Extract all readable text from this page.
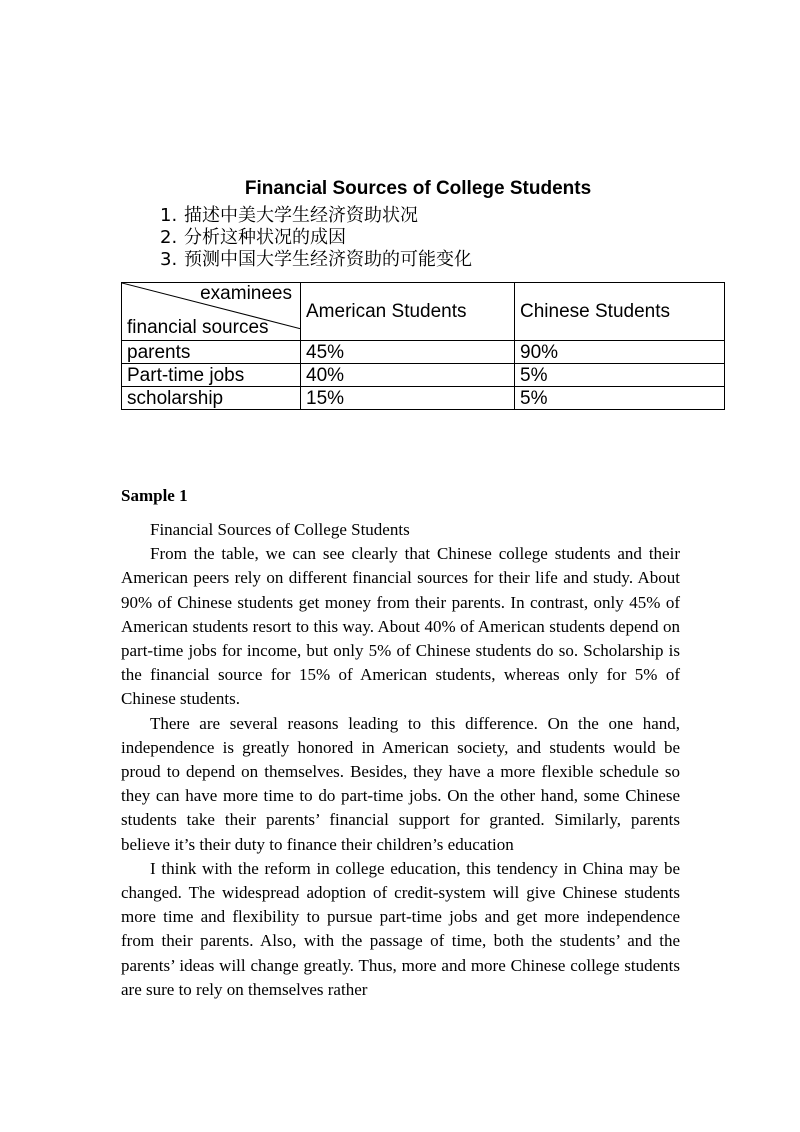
Financial Sources of College Students
1. 描述中美大学生经济资助状况
2. 分析这种状况的成因
3. 预测中国大学生经济资助的可能变化
examinees
financial sources	American Students	Chinese Students
parents	45%	90%
Part-time jobs	40%	5%
scholarship	15%	5%
Sample 1

Financial Sources of College Students

From the table, we can see clearly that Chinese college students and their American peers rely on different financial sources for their life and study. About 90% of Chinese students get money from their parents. In contrast, only 45% of American students resort to this way. About 40% of American students depend on part-time jobs for income, but only 5% of Chinese students do so. Scholarship is the financial source for 15% of American students, whereas only for 5% of Chinese students.

There are several reasons leading to this difference. On the one hand, independence is greatly honored in American society, and students would be proud to depend on themselves. Besides, they have a more flexible schedule so they can have more time to do part-time jobs. On the other hand, some Chinese students take their parents’ financial support for granted. Similarly, parents believe it’s their duty to finance their children’s education

I think with the reform in college education, this tendency in China may be changed. The widespread adoption of credit-system will give Chinese students more time and flexibility to pursue part-time jobs and get more independence from their parents. Also, with the passage of time, both the students’ and the parents’ ideas will change greatly. Thus, more and more Chinese college students are sure to rely on themselves rather
